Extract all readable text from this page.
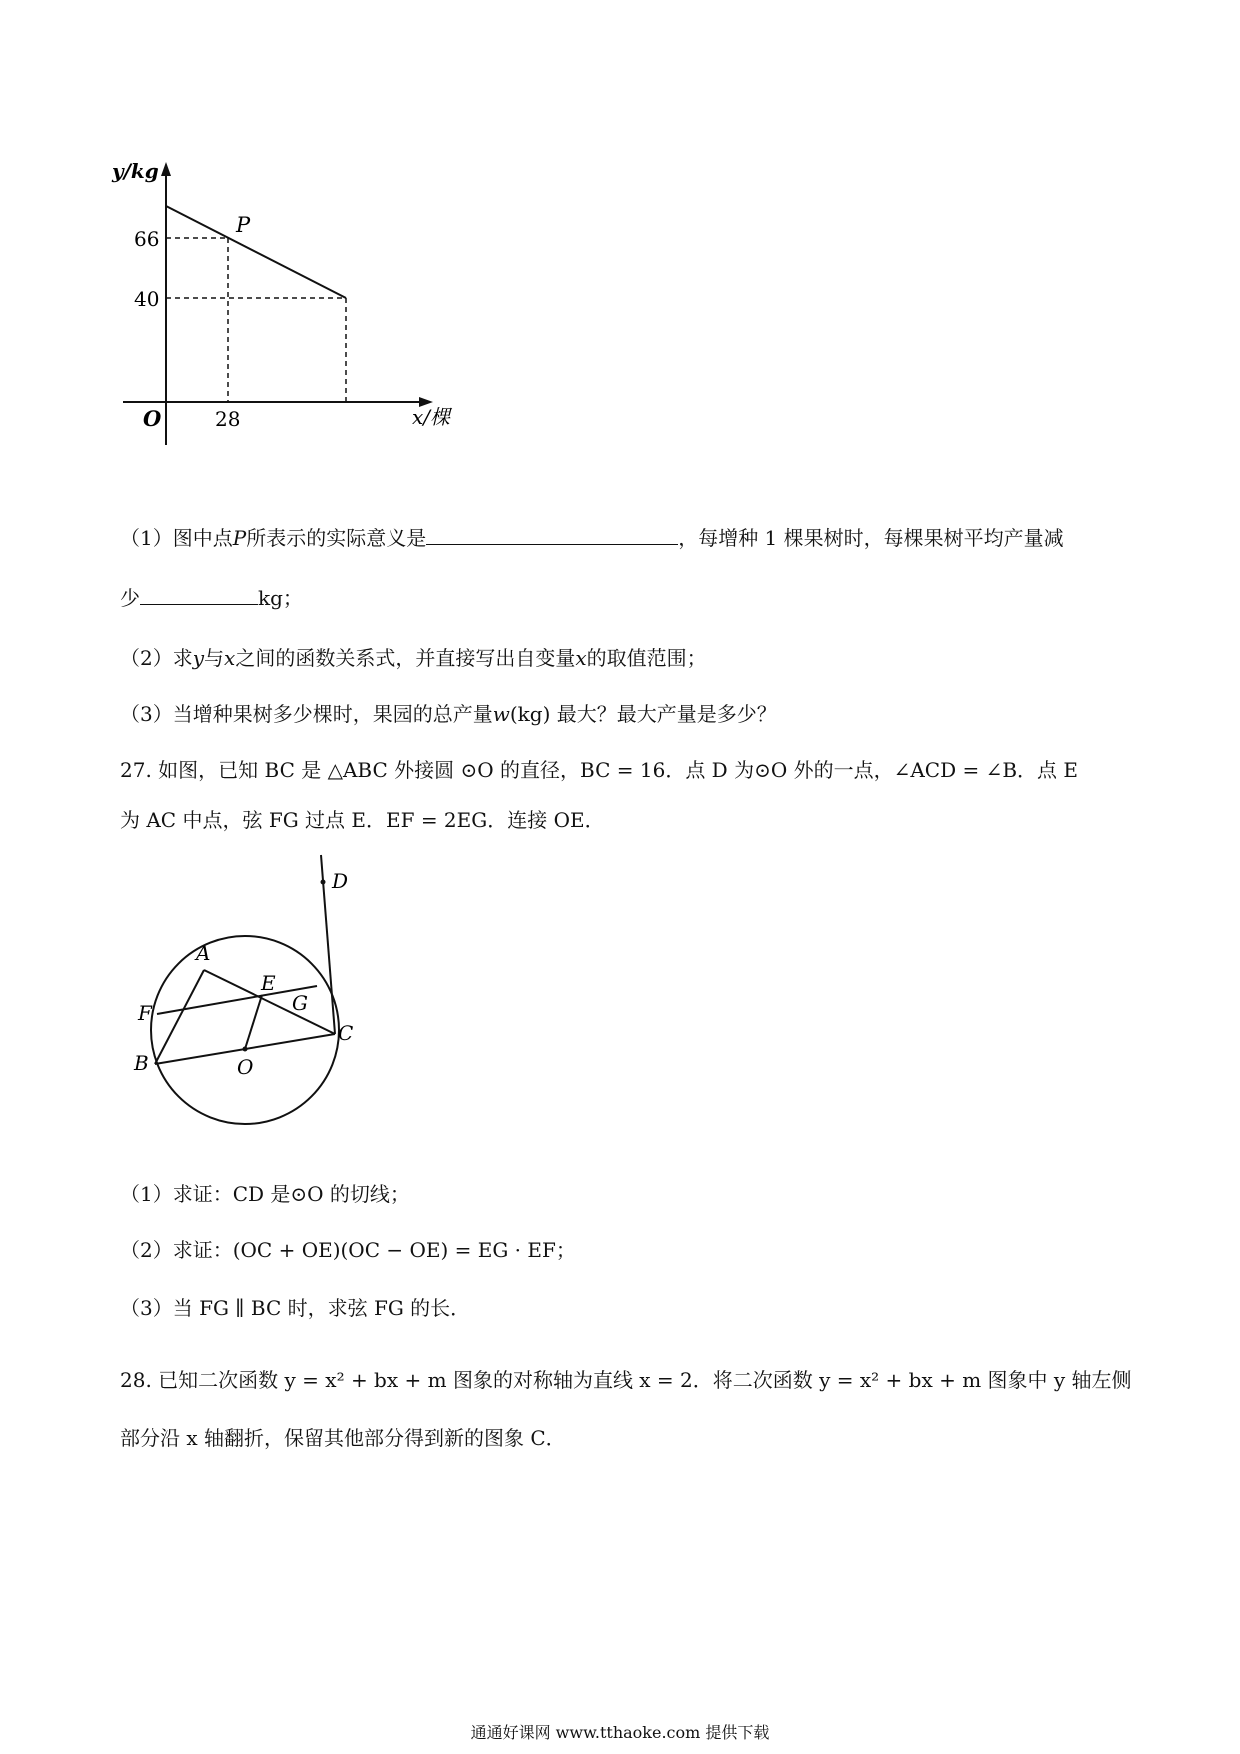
y/kg
x/棵
O
P
66
40
28
（1）图中点P所表示的实际意义是	，每增种 1 棵果树时，每棵果树平均产量减
少	kg；
（2）求y与x之间的函数关系式，并直接写出自变量x的取值范围；
（3）当增种果树多少棵时，果园的总产量w(kg) 最大？最大产量是多少？
27. 如图，已知 BC 是 △ABC 外接圆 ⊙O 的直径，BC = 16．点 D 为⊙O 外的一点，∠ACD = ∠B．点 E
为 AC 中点，弦 FG 过点 E．EF = 2EG．连接 OE．
A
B
C
D
E
F	G
O
（1）求证：CD 是⊙O 的切线；
（2）求证：(OC + OE)(OC − OE) = EG · EF；
（3）当 FG ∥ BC 时，求弦 FG 的长．
28. 已知二次函数 y = x² + bx + m 图象的对称轴为直线 x = 2．将二次函数 y = x² + bx + m 图象中 y 轴左侧
部分沿 x 轴翻折，保留其他部分得到新的图象 C．
通通好课网 www.tthaoke.com 提供下载
